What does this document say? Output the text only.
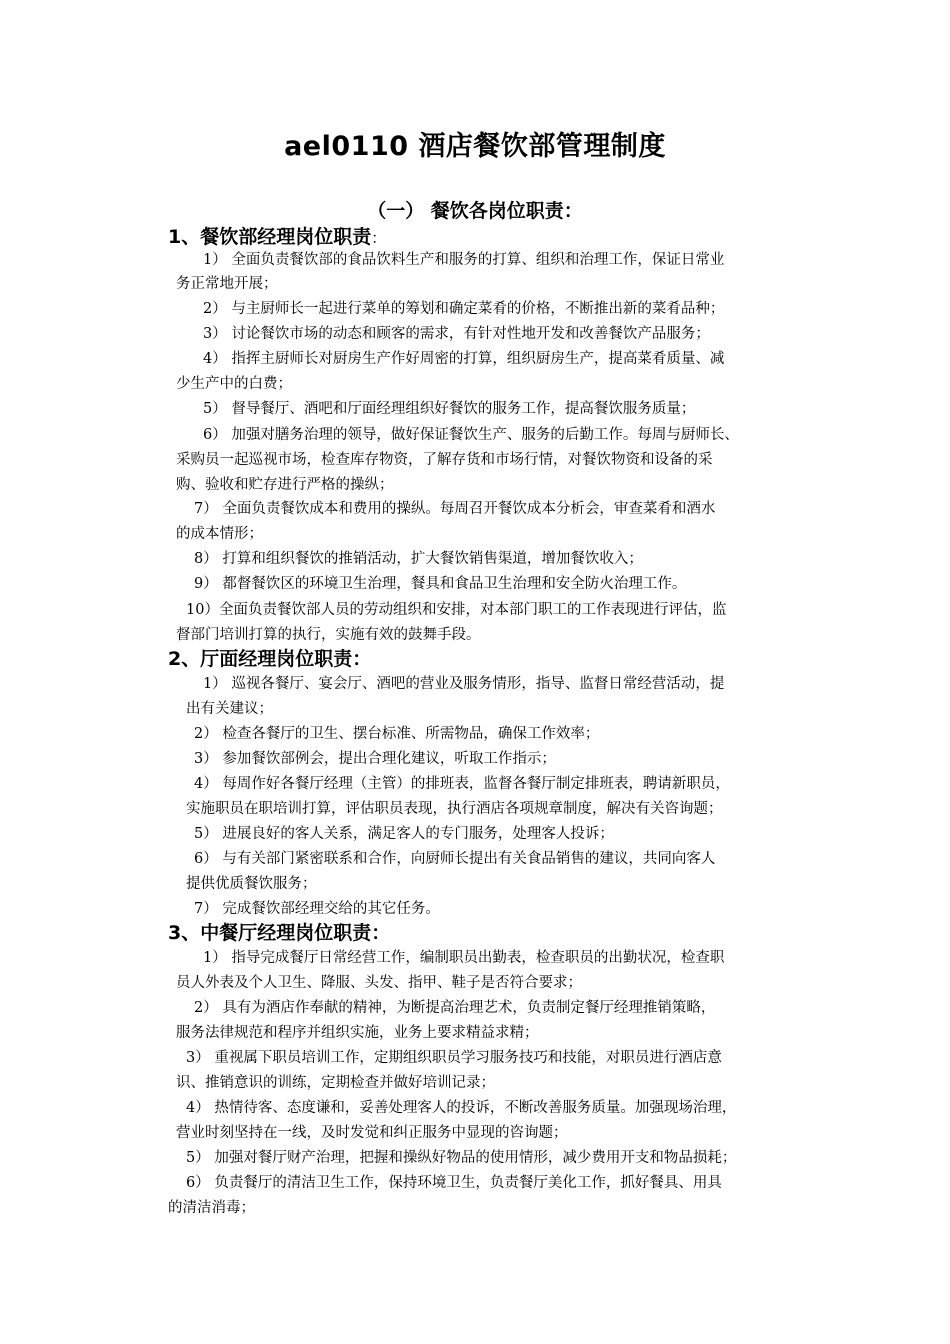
ael0110 酒店餐饮部管理制度
（一） 餐饮各岗位职责：
1、餐饮部经理岗位职责：
1） 全面负责餐饮部的食品饮料生产和服务的打算、组织和治理工作，保证日常业
务正常地开展；
2） 与主厨师长一起进行菜单的筹划和确定菜肴的价格，不断推出新的菜肴品种；
3） 讨论餐饮市场的动态和顾客的需求，有针对性地开发和改善餐饮产品服务；
4） 指挥主厨师长对厨房生产作好周密的打算，组织厨房生产，提高菜肴质量、减
少生产中的白费；
5） 督导餐厅、酒吧和厅面经理组织好餐饮的服务工作，提高餐饮服务质量；
6） 加强对膳务治理的领导，做好保证餐饮生产、服务的后勤工作。每周与厨师长、
采购员一起巡视市场，检查库存物资，了解存货和市场行情，对餐饮物资和设备的采
购、验收和贮存进行严格的操纵；
7） 全面负责餐饮成本和费用的操纵。每周召开餐饮成本分析会，审查菜肴和酒水
的成本情形；
8） 打算和组织餐饮的推销活动，扩大餐饮销售渠道，增加餐饮收入；
9） 都督餐饮区的环境卫生治理，餐具和食品卫生治理和安全防火治理工作。
10）全面负责餐饮部人员的劳动组织和安排，对本部门职工的工作表现进行评估，监
督部门培训打算的执行，实施有效的鼓舞手段。
2、厅面经理岗位职责：
1） 巡视各餐厅、宴会厅、酒吧的营业及服务情形，指导、监督日常经营活动，提
出有关建议；
2） 检查各餐厅的卫生、摆台标准、所需物品，确保工作效率；
3） 参加餐饮部例会，提出合理化建议，听取工作指示；
4） 每周作好各餐厅经理（主管）的排班表，监督各餐厅制定排班表，聘请新职员，
实施职员在职培训打算，评估职员表现，执行酒店各项规章制度，解决有关咨询题；
5） 进展良好的客人关系，满足客人的专门服务，处理客人投诉；
6） 与有关部门紧密联系和合作，向厨师长提出有关食品销售的建议，共同向客人
提供优质餐饮服务；
7） 完成餐饮部经理交给的其它任务。
3、中餐厅经理岗位职责：
1） 指导完成餐厅日常经营工作，编制职员出勤表，检查职员的出勤状况，检查职
员人外表及个人卫生、降服、头发、指甲、鞋子是否符合要求；
2） 具有为酒店作奉献的精神，为断提高治理艺术，负责制定餐厅经理推销策略，
服务法律规范和程序并组织实施，业务上要求精益求精；
3） 重视属下职员培训工作，定期组织职员学习服务技巧和技能，对职员进行酒店意
识、推销意识的训练，定期检查并做好培训记录；
4） 热情待客、态度谦和，妥善处理客人的投诉，不断改善服务质量。加强现场治理，
营业时刻坚持在一线，及时发觉和纠正服务中显现的咨询题；
5） 加强对餐厅财产治理，把握和操纵好物品的使用情形，减少费用开支和物品损耗；
6） 负责餐厅的清洁卫生工作，保持环境卫生，负责餐厅美化工作，抓好餐具、用具
的清洁消毒；
